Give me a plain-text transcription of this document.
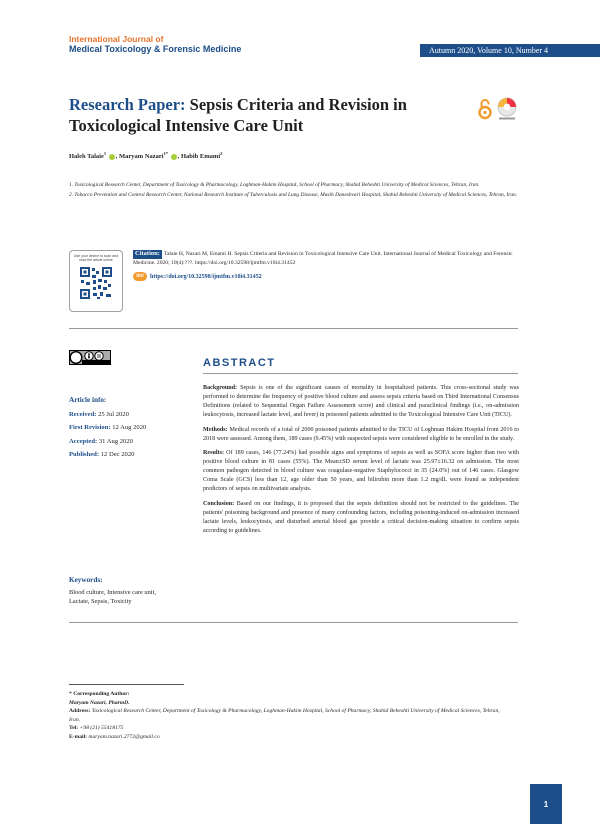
International Journal of
Medical Toxicology & Forensic Medicine	Autumn 2020, Volume 10, Number 4
Research Paper: Sepsis Criteria and Revision in Toxicological Intensive Care Unit
Haleh Talaie$^1$ , Maryam Nazari$^{1*}$ , Habib Emami$^2$

1. Toxicological Research Center, Department of Toxicology & Pharmacology, Loghman-Hakim Hospital, School of Pharmacy, Shahid Beheshti University of Medical Sciences, Tehran, Iran.

2. Tobacco Prevention and Control Research Center, National Research Institute of Tuberculosis and Lung Disease, Masih Daneshvari Hospital, Shahid Beheshti University of Medical Sciences, Tehran, Iran.

Use your device to scan and read the article online
Citation: Talaie H, Nazari M, Emami H. Sepsis Criteria and Revision in Toxicological Intensive Care Unit. International Journal of Medical Toxicology and Forensic Medicine. 2020; 10(4):???. https://doi.org/10.32598/ijmtfm.v10i4.31452
doi https://doi.org/10.32598/ijmtfm.v10i4.31452
ABSTRACT
Article info:
Received: 25 Jul 2020
First Revision: 12 Aug 2020
Accepted: 31 Aug 2020
Published: 12 Dec 2020

Background: Sepsis is one of the significant causes of mortality in hospitalized patients. This cross-sectional study was performed to determine the frequency of positive blood culture and assess sepsis criteria based on Third International Consensus Definitions (related to Sequential Organ Failure Assessment score) and clinical and paraclinical findings (i.e., on-admission leukocytosis, increased lactate level, and fever) in poisoned patients admitted to the Toxicological Intensive Care Unit (TICU).

Methods: Medical records of a total of 2000 poisoned patients admitted to the TICU of Loghman Hakim Hospital from 2016 to 2018 were assessed. Among them, 189 cases (9.45%) with suspected sepsis were considered eligible to be enrolled in the study.

Results: Of 189 cases, 146 (77.24%) had possible signs and symptoms of sepsis as well as SOFA score higher than two with positive blood culture in 81 cases (55%). The Mean±SD serum level of lactate was 25.97±16.32 on admission. The most common pathogen detected in blood culture was coagulase-negative Staphylococci in 35 (24.0%) out of 146 cases. Glasgow Coma Scale (GCS) less than 12, age older than 50 years, and bilirubin more than 1.2 mg/dL were found as independent predictors of sepsis on multivariate analysis.

Conclusion: Based on our findings, it is proposed that the sepsis definition should not be restricted to the guidelines. The patients' poisoning background and presence of many confounding factors, including poisoning-induced on-admission increased lactate levels, leukocytosis, and disturbed arterial blood gas provide a critical decision-making situation to confirm sepsis according to guidelines.

Keywords:
Blood culture, Intensive care unit, Lactate, Sepsis, Toxicity
* Corresponding Author:
Maryam Nazari, PharmD.
Address: Toxicological Research Center, Department of Toxicology & Pharmacology, Loghman-Hakim Hospital, School of Pharmacy, Shahid Beheshti University of Medical Sciences, Tehran, Iran.
Tel: +98 (21) 55418175
E-mail: maryam.nazari.2772@gmail.co
1
